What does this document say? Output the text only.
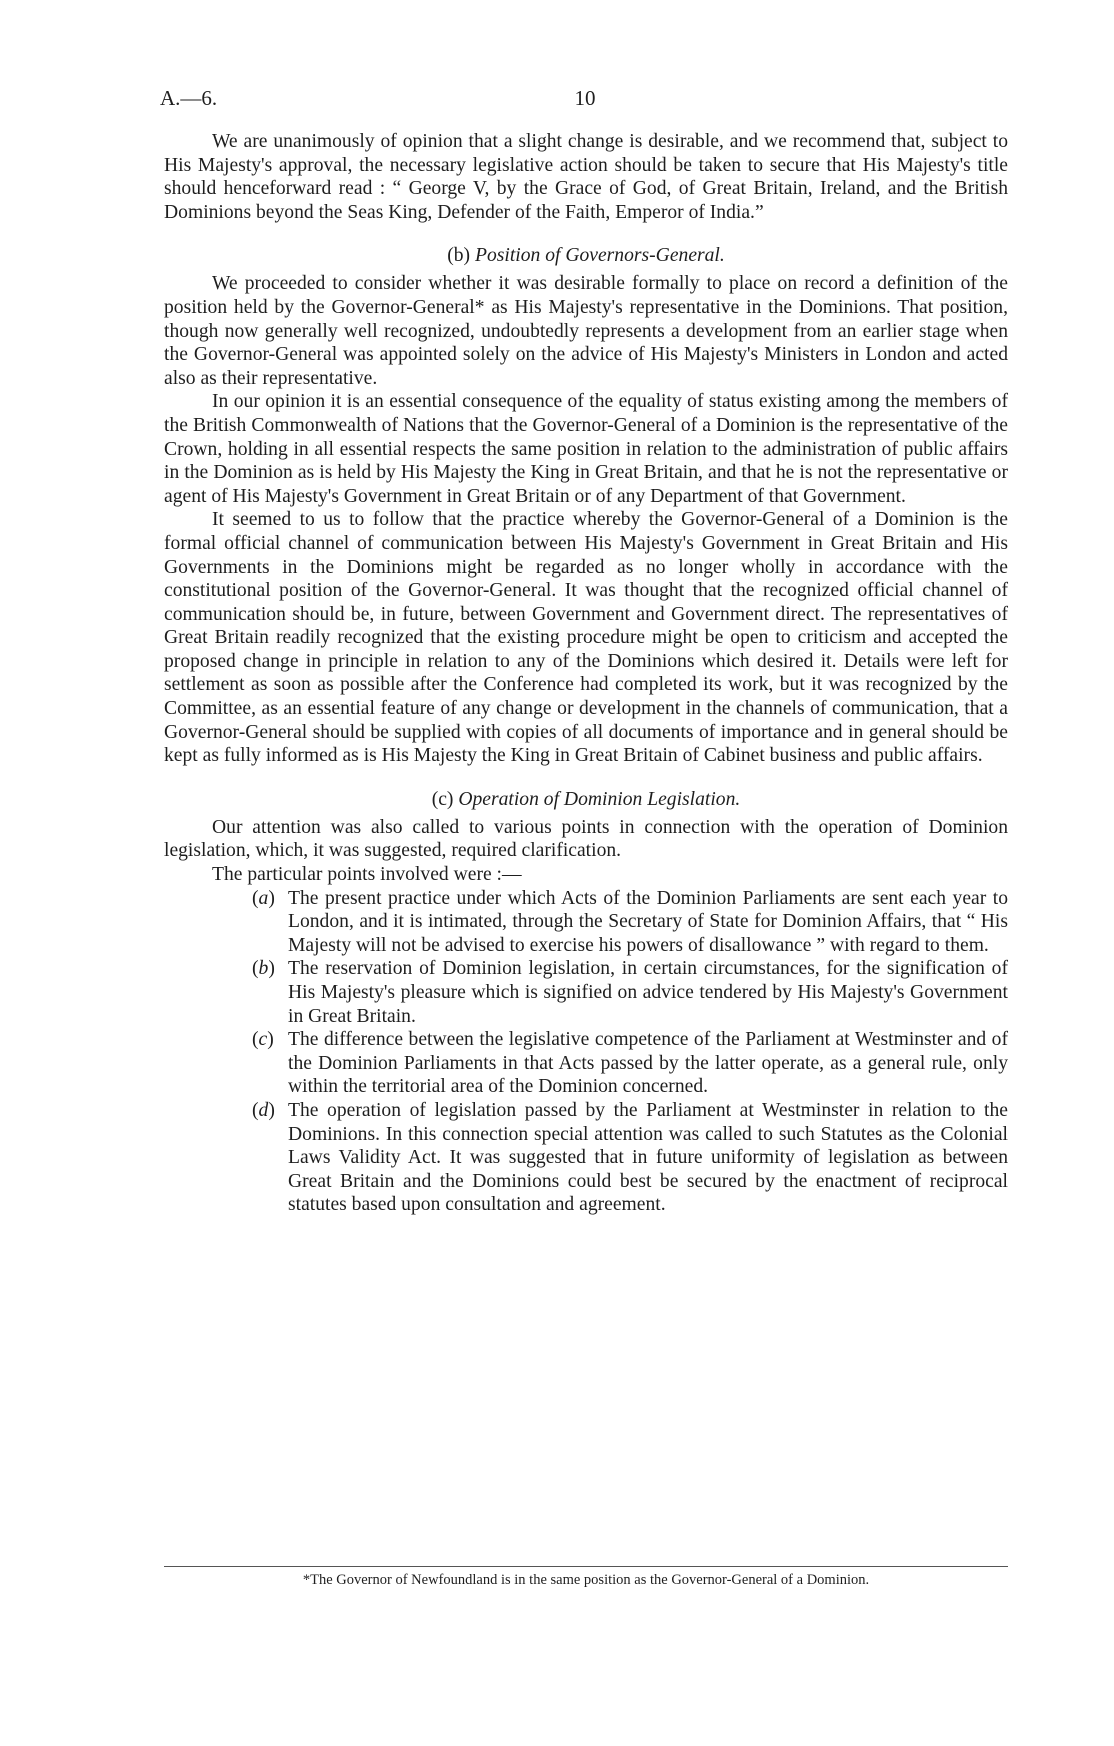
A.—6.	10

We are unanimously of opinion that a slight change is desirable, and we recommend that, subject to His Majesty's approval, the necessary legislative action should be taken to secure that His Majesty's title should henceforward read : “ George V, by the Grace of God, of Great Britain, Ireland, and the British Dominions beyond the Seas King, Defender of the Faith, Emperor of India.”

(b) Position of Governors-General.

We proceeded to consider whether it was desirable formally to place on record a definition of the position held by the Governor-General* as His Majesty's representative in the Dominions. That position, though now generally well recognized, undoubtedly represents a development from an earlier stage when the Governor-General was appointed solely on the advice of His Majesty's Ministers in London and acted also as their representative.

In our opinion it is an essential consequence of the equality of status existing among the members of the British Commonwealth of Nations that the Governor-General of a Dominion is the representative of the Crown, holding in all essential respects the same position in relation to the administration of public affairs in the Dominion as is held by His Majesty the King in Great Britain, and that he is not the representative or agent of His Majesty's Government in Great Britain or of any Department of that Government.

It seemed to us to follow that the practice whereby the Governor-General of a Dominion is the formal official channel of communication between His Majesty's Government in Great Britain and His Governments in the Dominions might be regarded as no longer wholly in accordance with the constitutional position of the Governor-General. It was thought that the recognized official channel of communication should be, in future, between Government and Government direct. The representatives of Great Britain readily recognized that the existing procedure might be open to criticism and accepted the proposed change in principle in relation to any of the Dominions which desired it. Details were left for settlement as soon as possible after the Conference had completed its work, but it was recognized by the Committee, as an essential feature of any change or development in the channels of communication, that a Governor-General should be supplied with copies of all documents of importance and in general should be kept as fully informed as is His Majesty the King in Great Britain of Cabinet business and public affairs.

(c) Operation of Dominion Legislation.

Our attention was also called to various points in connection with the operation of Dominion legislation, which, it was suggested, required clarification.

The particular points involved were :—

(a) The present practice under which Acts of the Dominion Parliaments are sent each year to London, and it is intimated, through the Secretary of State for Dominion Affairs, that “ His Majesty will not be advised to exercise his powers of disallowance ” with regard to them.
(b) The reservation of Dominion legislation, in certain circumstances, for the signification of His Majesty's pleasure which is signified on advice tendered by His Majesty's Government in Great Britain.
(c) The difference between the legislative competence of the Parliament at Westminster and of the Dominion Parliaments in that Acts passed by the latter operate, as a general rule, only within the territorial area of the Dominion concerned.
(d) The operation of legislation passed by the Parliament at Westminster in relation to the Dominions. In this connection special attention was called to such Statutes as the Colonial Laws Validity Act. It was suggested that in future uniformity of legislation as between Great Britain and the Dominions could best be secured by the enactment of reciprocal statutes based upon consultation and agreement.
*The Governor of Newfoundland is in the same position as the Governor-General of a Dominion.
